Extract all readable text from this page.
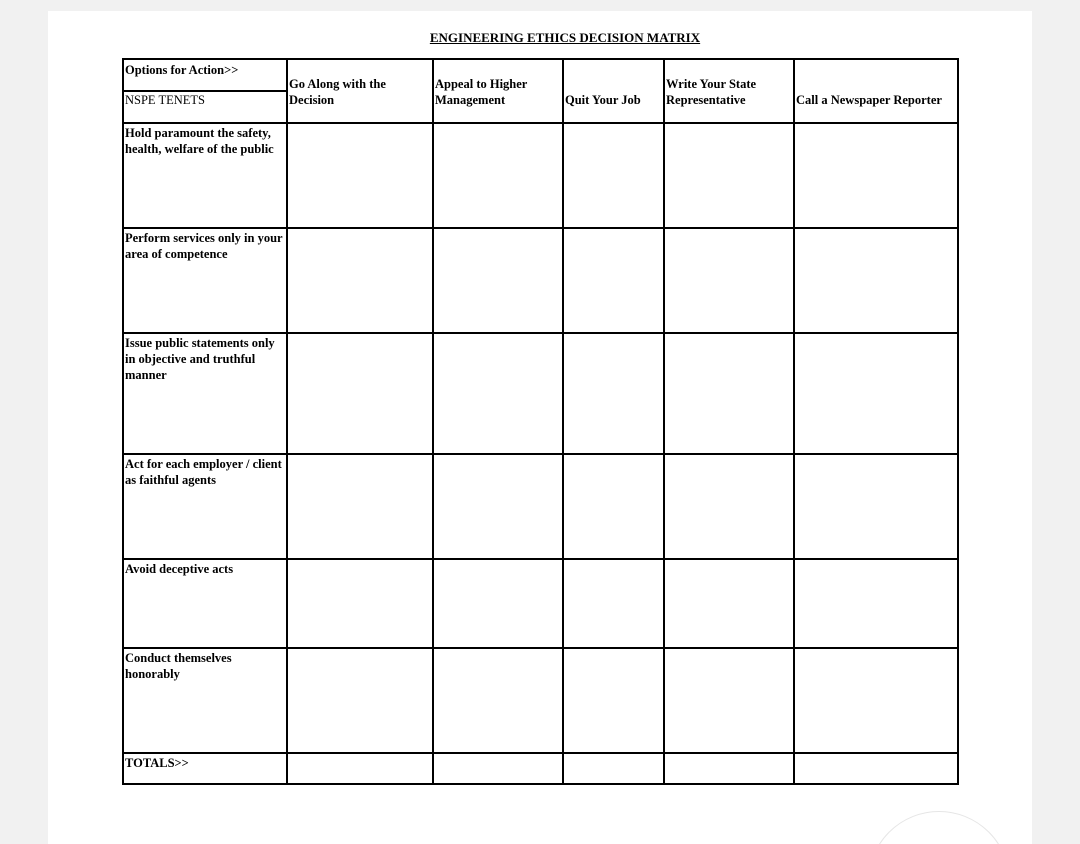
ENGINEERING ETHICS DECISION MATRIX
Options for Action>>
NSPE TENETS	Go Along with the Decision	Appeal to Higher Management	Quit Your Job	Write Your State Representative	Call a Newspaper Reporter
Hold paramount the safety, health, welfare of the public					
Perform services only in your area of competence					
Issue public statements only in objective and truthful manner					
Act for each employer / client as faithful agents					
Avoid deceptive acts					
Conduct themselves honorably					
TOTALS>>					
